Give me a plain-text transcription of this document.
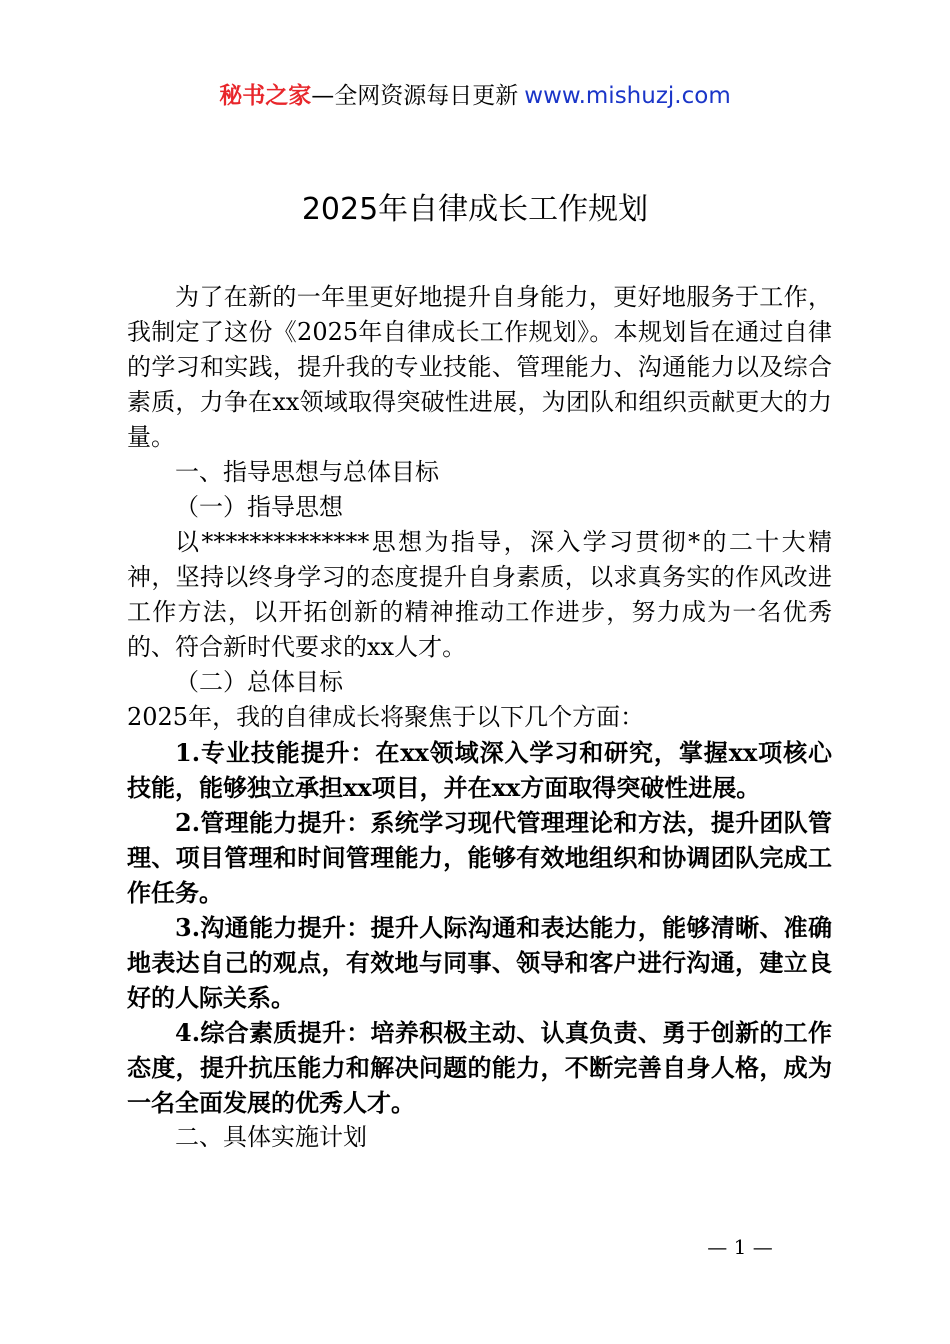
秘书之家—全网资源每日更新 www.mishuzj.com
2025年自律成长工作规划

为了在新的一年里更好地提升自身能力，更好地服务于工作，我制定了这份《2025年自律成长工作规划》。本规划旨在通过自律的学习和实践，提升我的专业技能、管理能力、沟通能力以及综合素质，力争在xx领域取得突破性进展，为团队和组织贡献更大的力量。

一、指导思想与总体目标

（一）指导思想

以**************思想为指导，深入学习贯彻*的二十大精神，坚持以终身学习的态度提升自身素质，以求真务实的作风改进工作方法，以开拓创新的精神推动工作进步，努力成为一名优秀的、符合新时代要求的xx人才。

（二）总体目标

2025年，我的自律成长将聚焦于以下几个方面：

1.专业技能提升：在xx领域深入学习和研究，掌握xx项核心技能，能够独立承担xx项目，并在xx方面取得突破性进展。

2.管理能力提升：系统学习现代管理理论和方法，提升团队管理、项目管理和时间管理能力，能够有效地组织和协调团队完成工作任务。

3.沟通能力提升：提升人际沟通和表达能力，能够清晰、准确地表达自己的观点，有效地与同事、领导和客户进行沟通，建立良好的人际关系。

4.综合素质提升：培养积极主动、认真负责、勇于创新的工作态度，提升抗压能力和解决问题的能力，不断完善自身人格，成为一名全面发展的优秀人才。

二、具体实施计划

— 1 —
